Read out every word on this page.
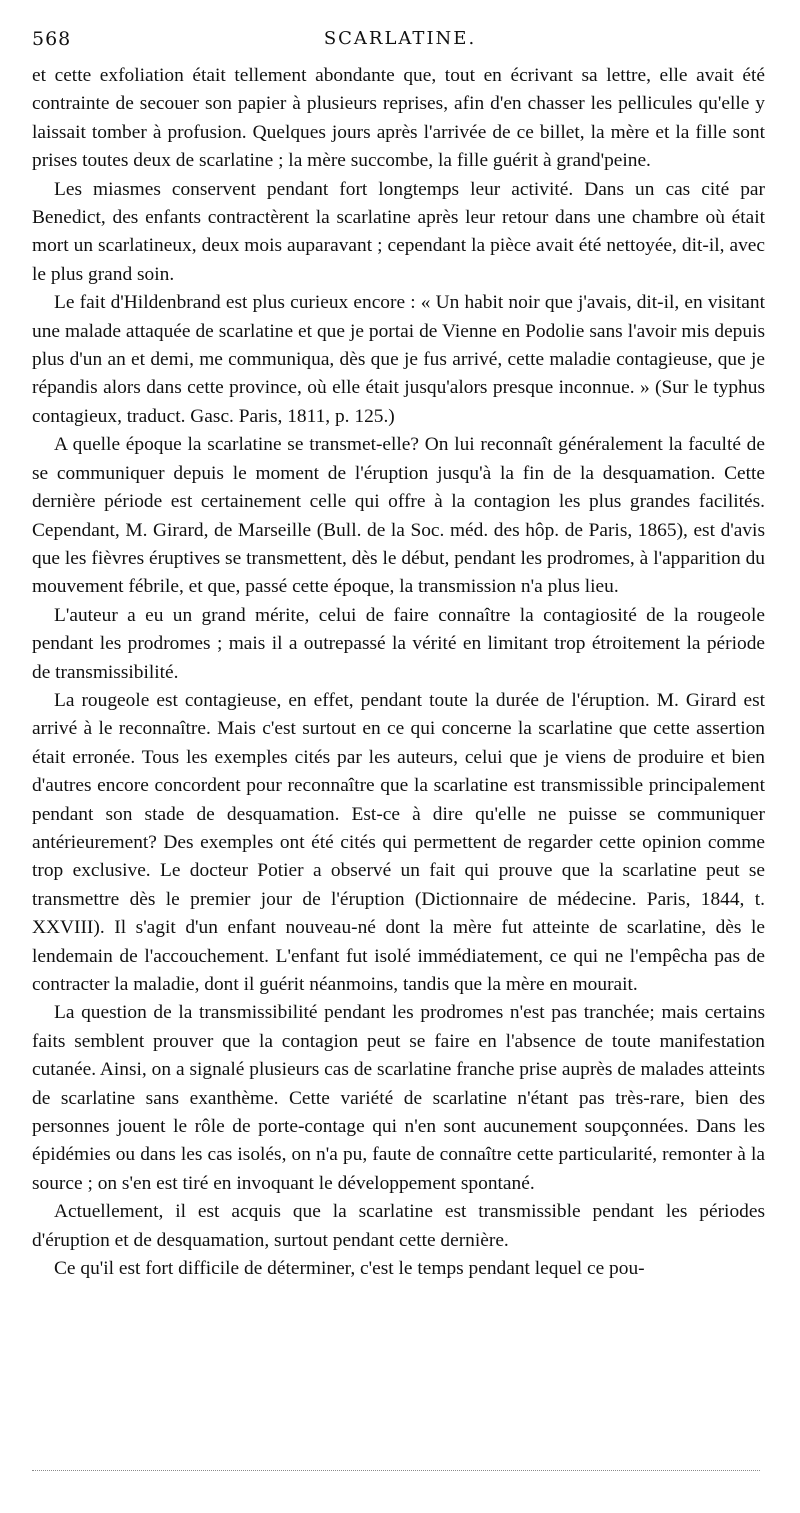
568	SCARLATINE.

et cette exfoliation était tellement abondante que, tout en écrivant sa lettre, elle avait été contrainte de secouer son papier à plusieurs reprises, afin d'en chasser les pellicules qu'elle y laissait tomber à profusion. Quelques jours après l'arrivée de ce billet, la mère et la fille sont prises toutes deux de scarlatine ; la mère succombe, la fille guérit à grand'peine.

Les miasmes conservent pendant fort longtemps leur activité. Dans un cas cité par Benedict, des enfants contractèrent la scarlatine après leur retour dans une chambre où était mort un scarlatineux, deux mois auparavant ; cependant la pièce avait été nettoyée, dit-il, avec le plus grand soin.

Le fait d'Hildenbrand est plus curieux encore : « Un habit noir que j'avais, dit-il, en visitant une malade attaquée de scarlatine et que je portai de Vienne en Podolie sans l'avoir mis depuis plus d'un an et demi, me communiqua, dès que je fus arrivé, cette maladie contagieuse, que je répandis alors dans cette province, où elle était jusqu'alors presque inconnue. » (Sur le typhus contagieux, traduct. Gasc. Paris, 1811, p. 125.)

A quelle époque la scarlatine se transmet-elle? On lui reconnaît généralement la faculté de se communiquer depuis le moment de l'éruption jusqu'à la fin de la desquamation. Cette dernière période est certainement celle qui offre à la contagion les plus grandes facilités. Cependant, M. Girard, de Marseille (Bull. de la Soc. méd. des hôp. de Paris, 1865), est d'avis que les fièvres éruptives se transmettent, dès le début, pendant les prodromes, à l'apparition du mouvement fébrile, et que, passé cette époque, la transmission n'a plus lieu.

L'auteur a eu un grand mérite, celui de faire connaître la contagiosité de la rougeole pendant les prodromes ; mais il a outrepassé la vérité en limitant trop étroitement la période de transmissibilité.

La rougeole est contagieuse, en effet, pendant toute la durée de l'éruption. M. Girard est arrivé à le reconnaître. Mais c'est surtout en ce qui concerne la scarlatine que cette assertion était erronée. Tous les exemples cités par les auteurs, celui que je viens de produire et bien d'autres encore concordent pour reconnaître que la scarlatine est transmissible principalement pendant son stade de desquamation. Est-ce à dire qu'elle ne puisse se communiquer antérieurement? Des exemples ont été cités qui permettent de regarder cette opinion comme trop exclusive. Le docteur Potier a observé un fait qui prouve que la scarlatine peut se transmettre dès le premier jour de l'éruption (Dictionnaire de médecine. Paris, 1844, t. XXVIII). Il s'agit d'un enfant nouveau-né dont la mère fut atteinte de scarlatine, dès le lendemain de l'accouchement. L'enfant fut isolé immédiatement, ce qui ne l'empêcha pas de contracter la maladie, dont il guérit néanmoins, tandis que la mère en mourait.

La question de la transmissibilité pendant les prodromes n'est pas tranchée; mais certains faits semblent prouver que la contagion peut se faire en l'absence de toute manifestation cutanée. Ainsi, on a signalé plusieurs cas de scarlatine franche prise auprès de malades atteints de scarlatine sans exanthème. Cette variété de scarlatine n'étant pas très-rare, bien des personnes jouent le rôle de porte-contage qui n'en sont aucunement soupçonnées. Dans les épidémies ou dans les cas isolés, on n'a pu, faute de connaître cette particularité, remonter à la source ; on s'en est tiré en invoquant le développement spontané.

Actuellement, il est acquis que la scarlatine est transmissible pendant les périodes d'éruption et de desquamation, surtout pendant cette dernière.

Ce qu'il est fort difficile de déterminer, c'est le temps pendant lequel ce pou-
